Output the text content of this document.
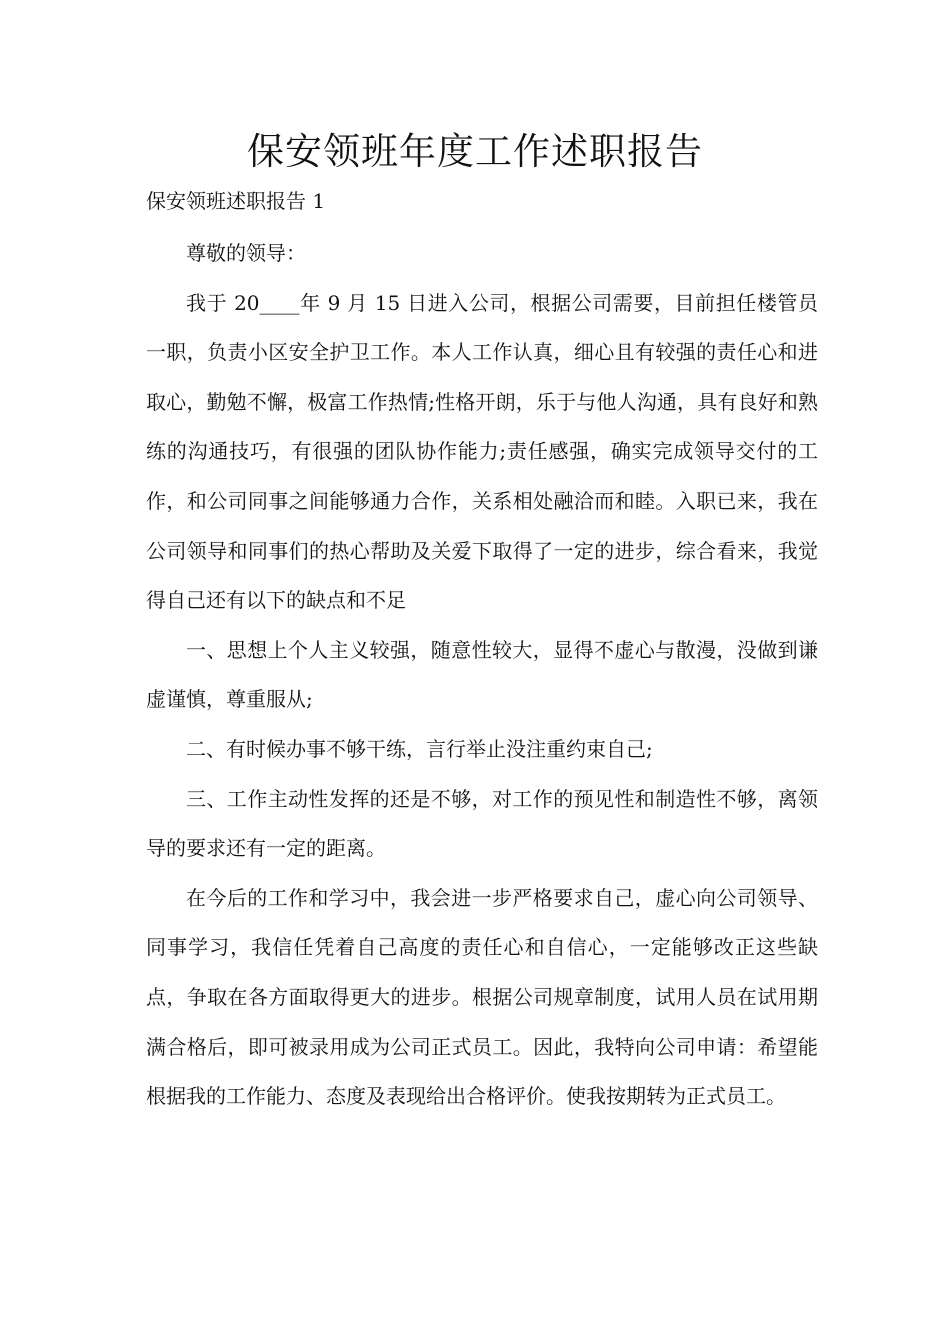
保安领班年度工作述职报告

保安领班述职报告 1

尊敬的领导：

我于 20____年 9 月 15 日进入公司，根据公司需要，目前担任楼管员一职，负责小区安全护卫工作。本人工作认真，细心且有较强的责任心和进取心，勤勉不懈，极富工作热情;性格开朗，乐于与他人沟通，具有良好和熟练的沟通技巧，有很强的团队协作能力;责任感强，确实完成领导交付的工作，和公司同事之间能够通力合作，关系相处融洽而和睦。入职已来，我在公司领导和同事们的热心帮助及关爱下取得了一定的进步，综合看来，我觉得自己还有以下的缺点和不足

一、思想上个人主义较强，随意性较大，显得不虚心与散漫，没做到谦虚谨慎，尊重服从;

二、有时候办事不够干练，言行举止没注重约束自己;

三、工作主动性发挥的还是不够，对工作的预见性和制造性不够，离领导的要求还有一定的距离。

在今后的工作和学习中，我会进一步严格要求自己，虚心向公司领导、同事学习，我信任凭着自己高度的责任心和自信心，一定能够改正这些缺点，争取在各方面取得更大的进步。根据公司规章制度，试用人员在试用期满合格后，即可被录用成为公司正式员工。因此，我特向公司申请：希望能根据我的工作能力、态度及表现给出合格评价。使我按期转为正式员工。
